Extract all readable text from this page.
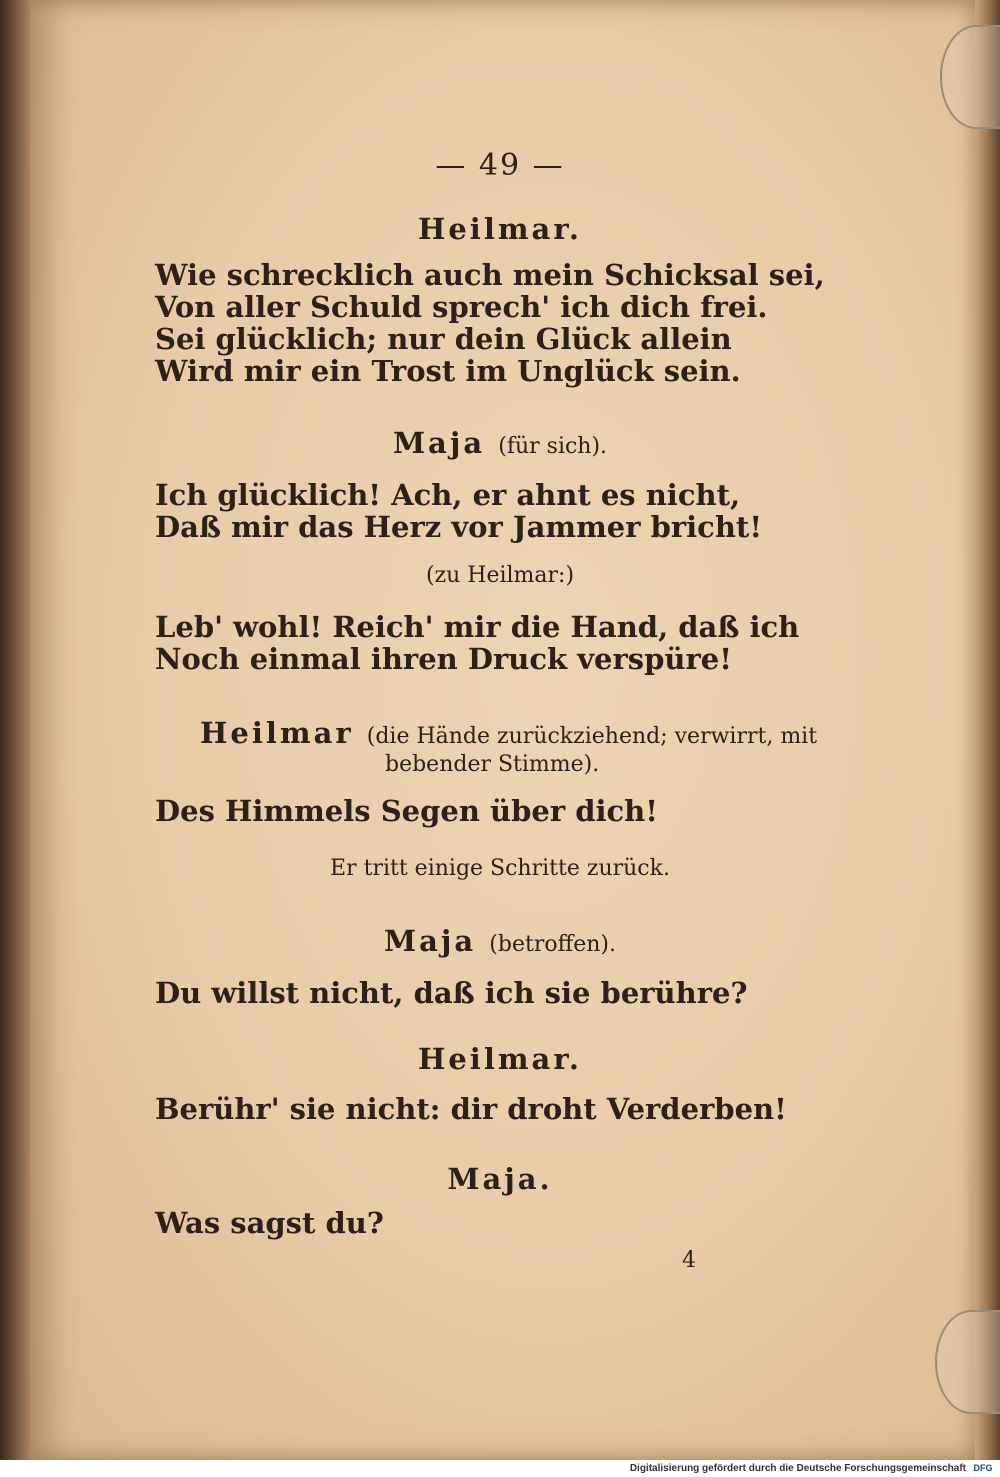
— 49 —
Heilmar.
Wie schrecklich auch mein Schicksal sei,
Von aller Schuld sprech' ich dich frei.
Sei glücklich; nur dein Glück allein
Wird mir ein Trost im Unglück sein.
Maja (für sich).
Ich glücklich! Ach, er ahnt es nicht,
Daß mir das Herz vor Jammer bricht!
(zu Heilmar:)
Leb' wohl! Reich' mir die Hand, daß ich
Noch einmal ihren Druck verspüre!
Heilmar (die Hände zurückziehend; verwirrt, mit
bebender Stimme).
Des Himmels Segen über dich!
Er tritt einige Schritte zurück.
Maja (betroffen).
Du willst nicht, daß ich sie berühre?
Heilmar.
Berühr' sie nicht: dir droht Verderben!
Maja.
Was sagst du?
4
Digitalisierung gefördert durch die Deutsche Forschungsgemeinschaft DFG
